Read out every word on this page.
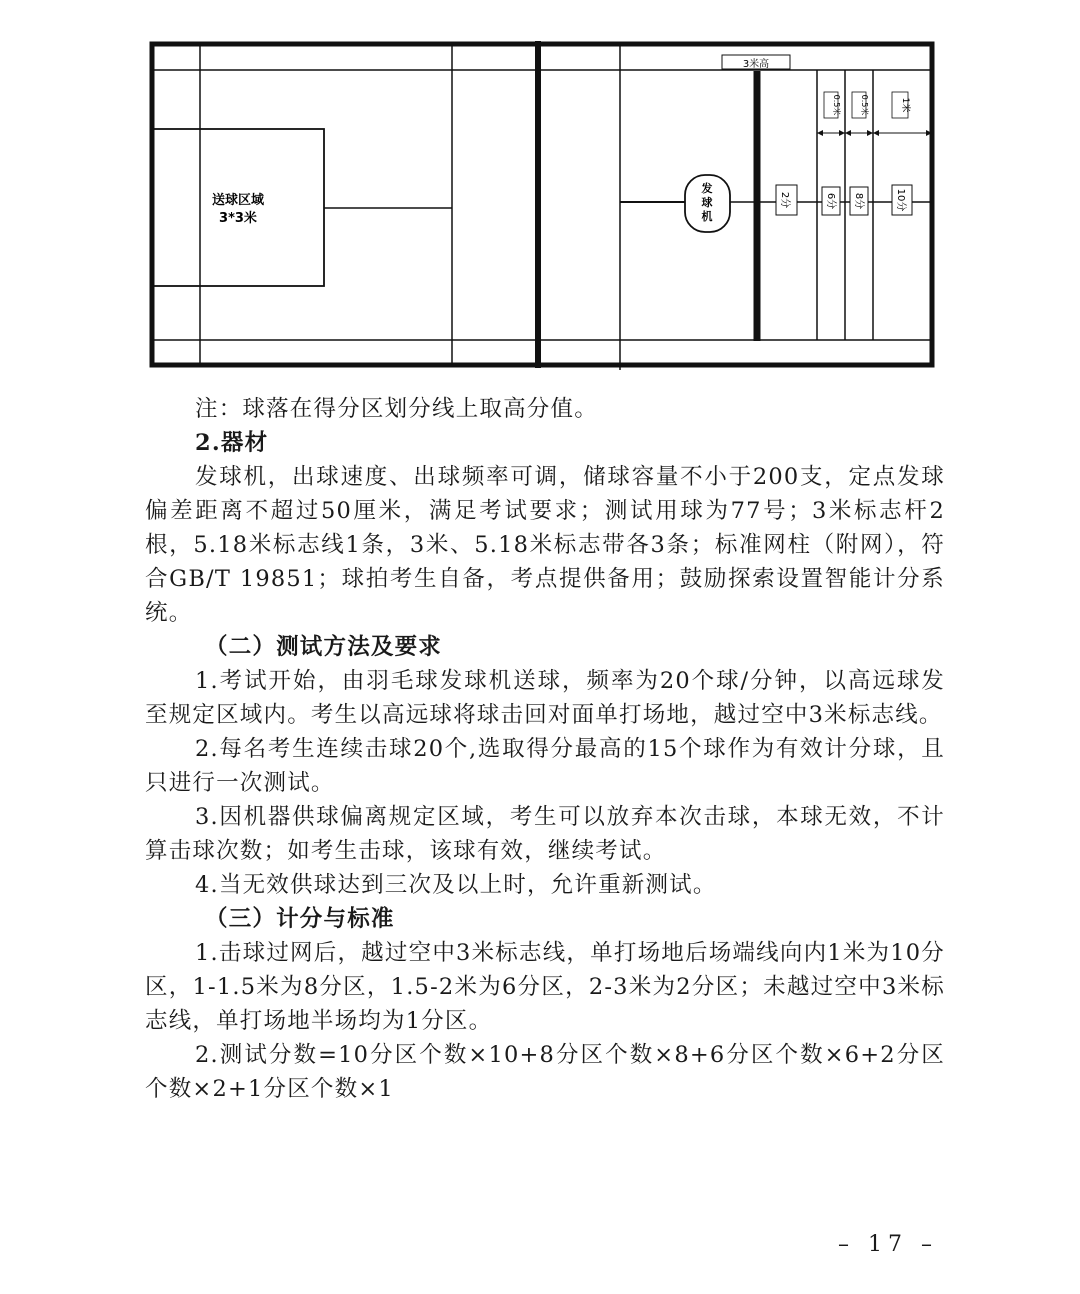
送球区域
3*3米
3米高
0.5米 0.5米	1米
发
球
机
2分	6分 8分	10分

注：球落在得分区划分线上取高分值。

2.器材

发球机，出球速度、出球频率可调，储球容量不小于200支，定点发球偏差距离不超过50厘米，满足考试要求；测试用球为77号；3米标志杆2根，5.18米标志线1条，3米、5.18米标志带各3条；标准网柱（附网），符合GB/T 19851；球拍考生自备，考点提供备用；鼓励探索设置智能计分系统。

（二）测试方法及要求

1.考试开始，由羽毛球发球机送球，频率为20个球/分钟，以高远球发至规定区域内。考生以高远球将球击回对面单打场地，越过空中3米标志线。

2.每名考生连续击球20个,选取得分最高的15个球作为有效计分球，且只进行一次测试。

3.因机器供球偏离规定区域，考生可以放弃本次击球，本球无效，不计算击球次数；如考生击球，该球有效，继续考试。

4.当无效供球达到三次及以上时，允许重新测试。

（三）计分与标准

1.击球过网后，越过空中3米标志线，单打场地后场端线向内1米为10分区，1-1.5米为8分区，1.5-2米为6分区，2-3米为2分区；未越过空中3米标志线，单打场地半场均为1分区。

2.测试分数=10分区个数×10+8分区个数×8+6分区个数×6+2分区个数×2+1分区个数×1

– 17 –
